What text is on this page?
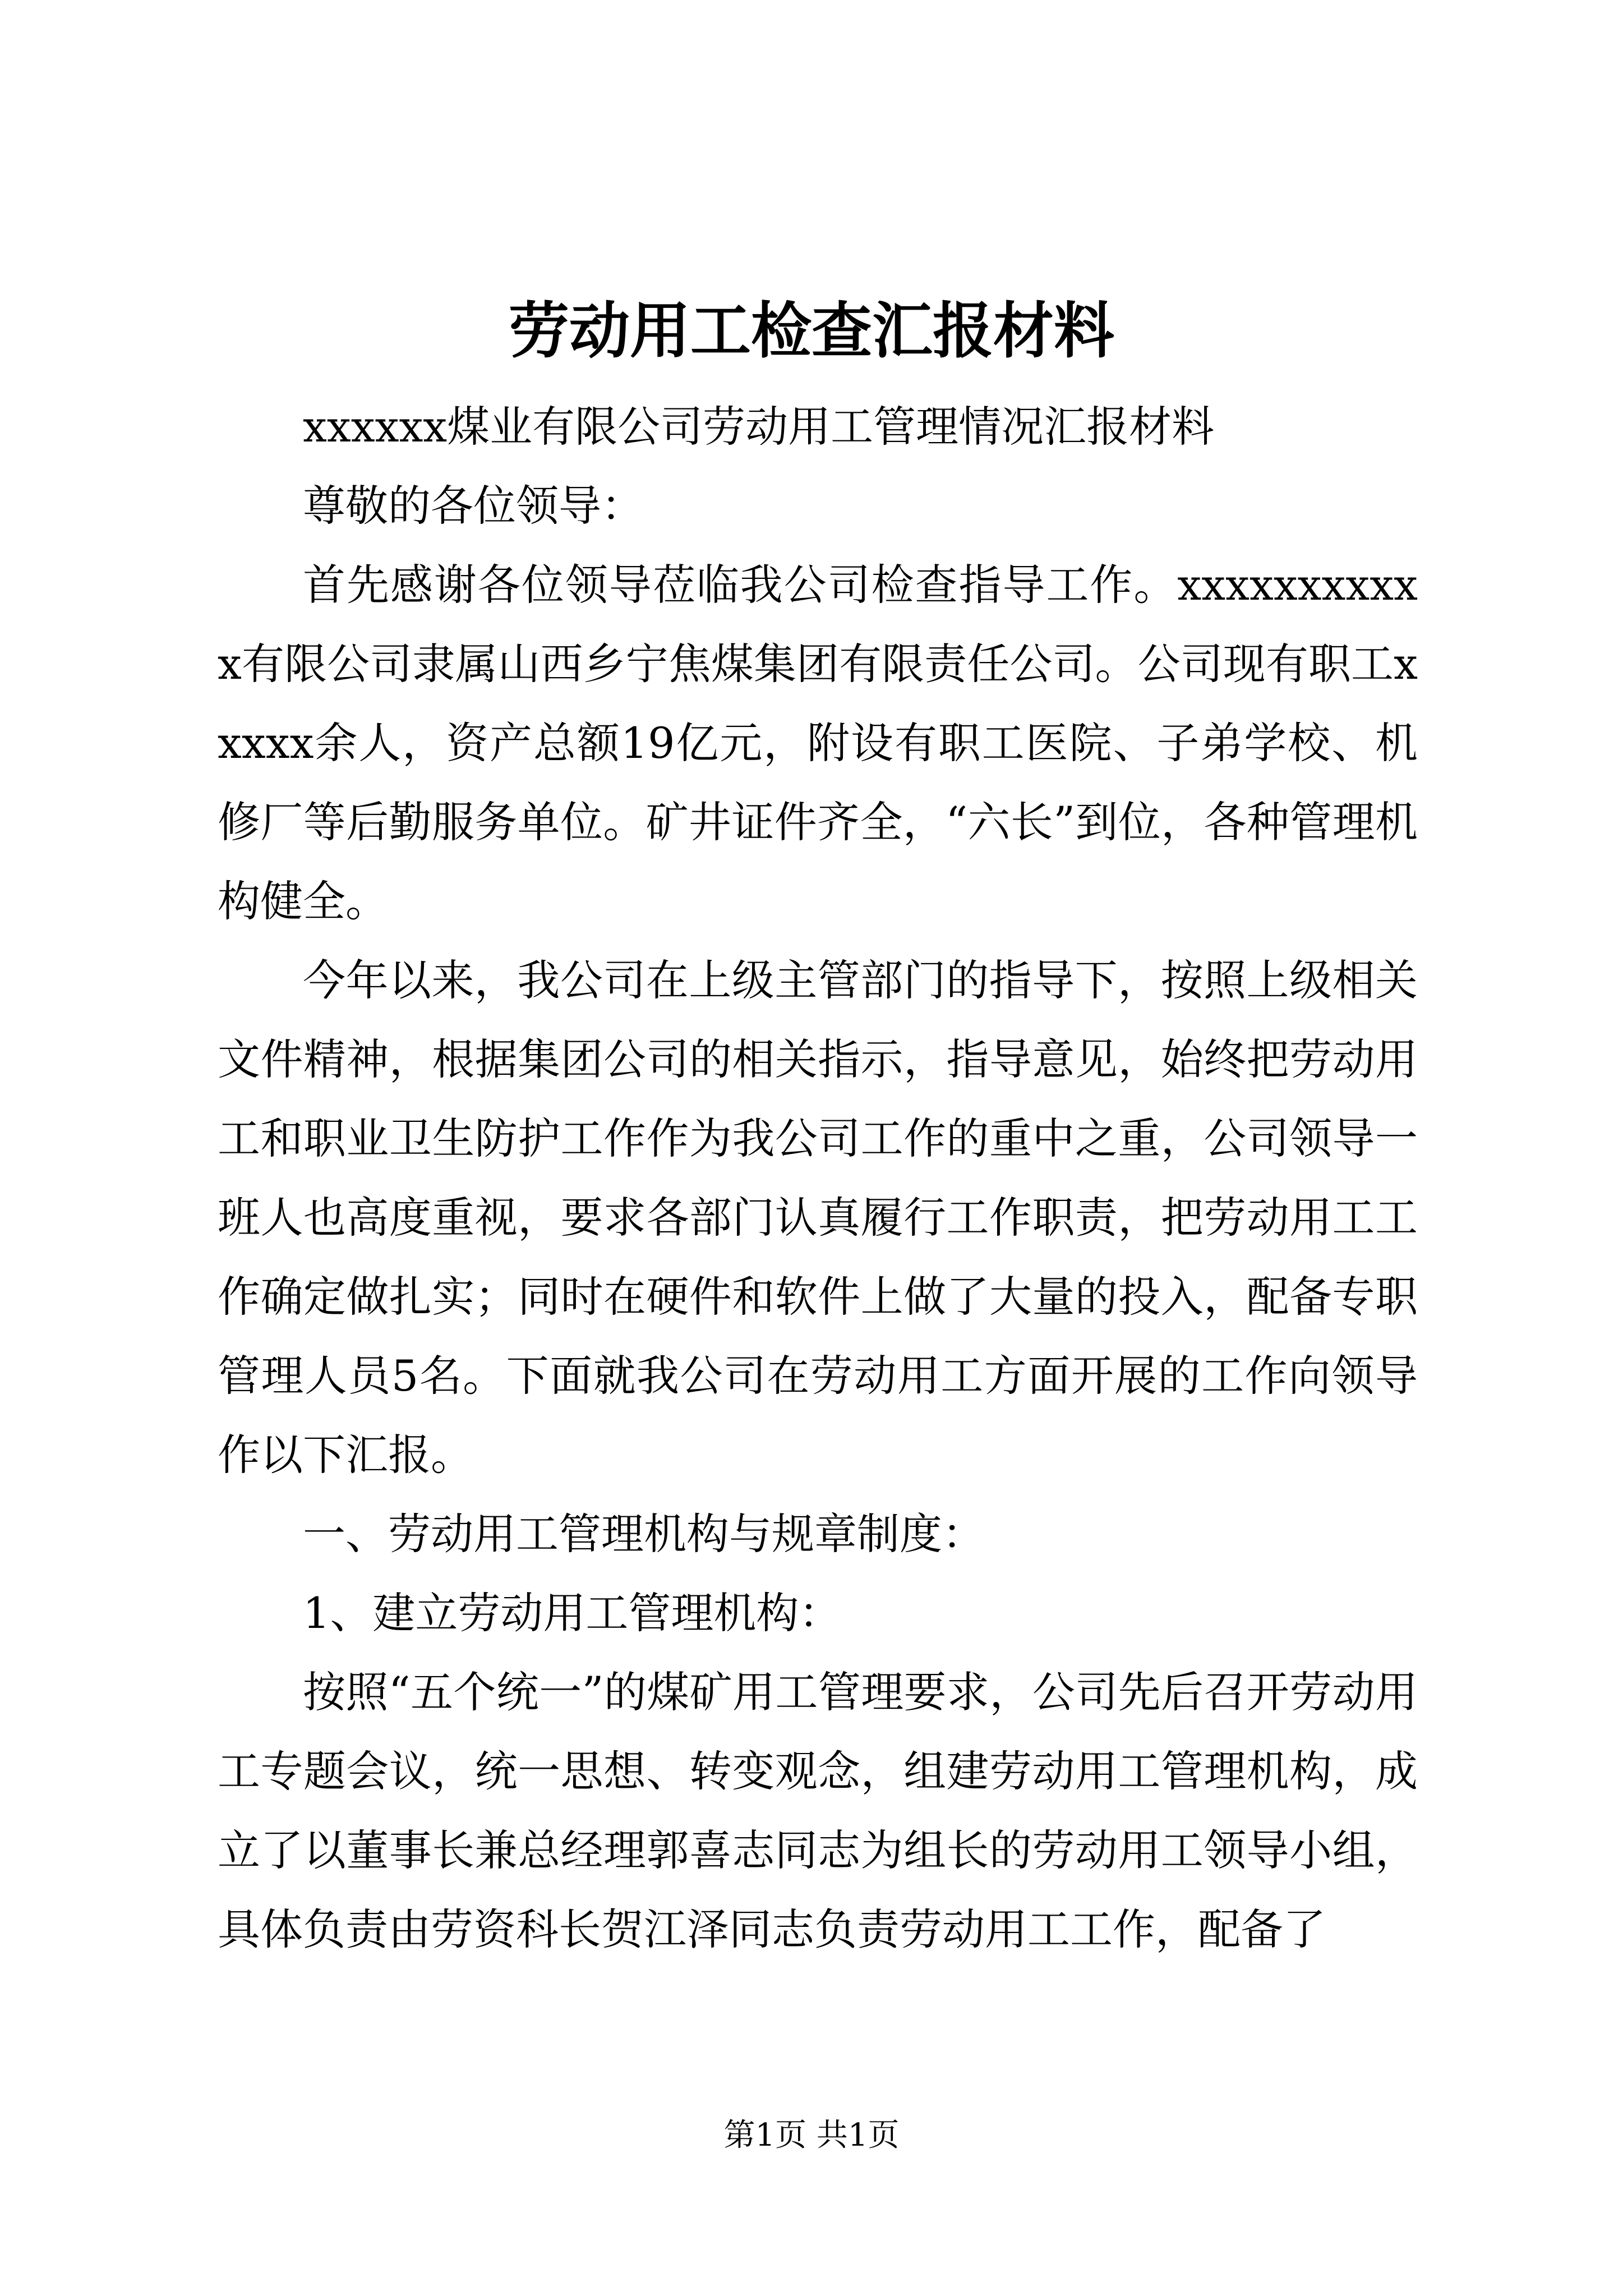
劳动用工检查汇报材料

xxxxxx煤业有限公司劳动用工管理情况汇报材料

尊敬的各位领导：

首先感谢各位领导莅临我公司检查指导工作。xxxxxxxxxxx有限公司隶属山西乡宁焦煤集团有限责任公司。公司现有职工xxxxx余人，资产总额19亿元，附设有职工医院、子弟学校、机修厂等后勤服务单位。矿井证件齐全，“六长”到位，各种管理机构健全。

今年以来，我公司在上级主管部门的指导下，按照上级相关文件精神，根据集团公司的相关指示，指导意见，始终把劳动用工和职业卫生防护工作作为我公司工作的重中之重，公司领导一班人也高度重视，要求各部门认真履行工作职责，把劳动用工工作确定做扎实；同时在硬件和软件上做了大量的投入，配备专职管理人员5名。下面就我公司在劳动用工方面开展的工作向领导作以下汇报。

一、劳动用工管理机构与规章制度：

1、建立劳动用工管理机构：

按照“五个统一”的煤矿用工管理要求，公司先后召开劳动用工专题会议，统一思想、转变观念，组建劳动用工管理机构，成立了以董事长兼总经理郭喜志同志为组长的劳动用工领导小组，具体负责由劳资科长贺江泽同志负责劳动用工工作，配备了

第1页 共1页
